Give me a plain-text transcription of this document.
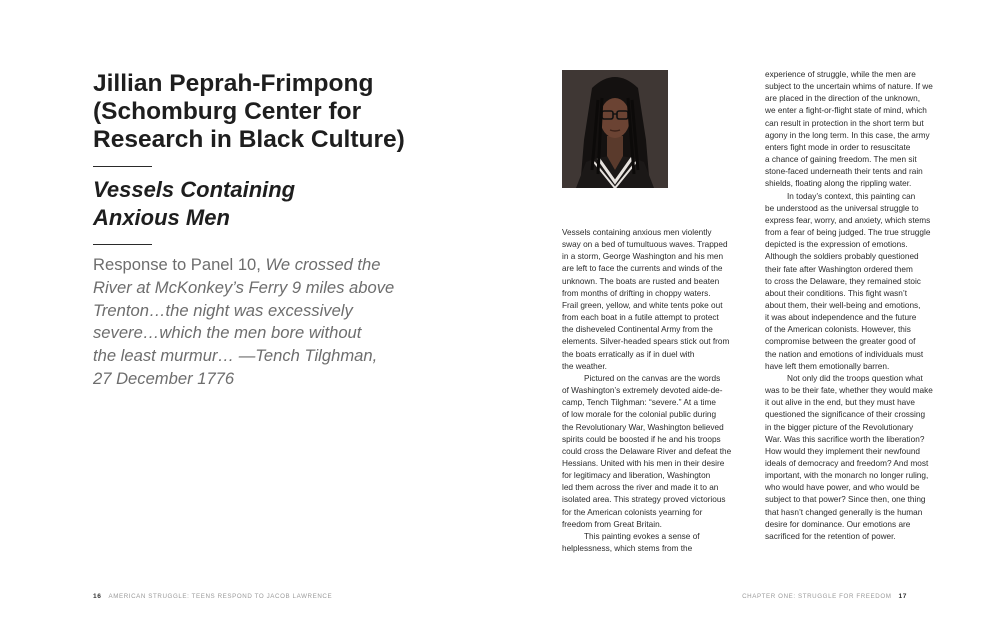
Jillian Peprah-Frimpong
(Schomburg Center for
Research in Black Culture)
Vessels Containing
Anxious Men
Response to Panel 10, We crossed the
River at McKonkey’s Ferry 9 miles above
Trenton…the night was excessively
severe…which the men bore without
the least murmur… —Tench Tilghman,
27 December 1776
16 AMERICAN STRUGGLE: TEENS RESPOND TO JACOB LAWRENCE

Vessels containing anxious men violently
sway on a bed of tumultuous waves. Trapped
in a storm, George Washington and his men
are left to face the currents and winds of the
unknown. The boats are rusted and beaten
from months of drifting in choppy waters.
Frail green, yellow, and white tents poke out
from each boat in a futile attempt to protect
the disheveled Continental Army from the
elements. Silver-headed spears stick out from
the boats erratically as if in duel with
the weather.

Pictured on the canvas are the words
of Washington’s extremely devoted aide-de-
camp, Tench Tilghman: “severe.” At a time
of low morale for the colonial public during
the Revolutionary War, Washington believed
spirits could be boosted if he and his troops
could cross the Delaware River and defeat the
Hessians. United with his men in their desire
for legitimacy and liberation, Washington
led them across the river and made it to an
isolated area. This strategy proved victorious
for the American colonists yearning for
freedom from Great Britain.

This painting evokes a sense of
helplessness, which stems from the

experience of struggle, while the men are
subject to the uncertain whims of nature. If we
are placed in the direction of the unknown,
we enter a fight-or-flight state of mind, which
can result in protection in the short term but
agony in the long term. In this case, the army
enters fight mode in order to resuscitate
a chance of gaining freedom. The men sit
stone-faced underneath their tents and rain
shields, floating along the rippling water.

In today’s context, this painting can
be understood as the universal struggle to
express fear, worry, and anxiety, which stems
from a fear of being judged. The true struggle
depicted is the expression of emotions.
Although the soldiers probably questioned
their fate after Washington ordered them
to cross the Delaware, they remained stoic
about their conditions. This fight wasn’t
about them, their well-being and emotions,
it was about independence and the future
of the American colonists. However, this
compromise between the greater good of
the nation and emotions of individuals must
have left them emotionally barren.

Not only did the troops question what
was to be their fate, whether they would make
it out alive in the end, but they must have
questioned the significance of their crossing
in the bigger picture of the Revolutionary
War. Was this sacrifice worth the liberation?
How would they implement their newfound
ideals of democracy and freedom? And most
important, with the monarch no longer ruling,
who would have power, and who would be
subject to that power? Since then, one thing
that hasn’t changed generally is the human
desire for dominance. Our emotions are
sacrificed for the retention of power.

CHAPTER ONE: STRUGGLE FOR FREEDOM 17
